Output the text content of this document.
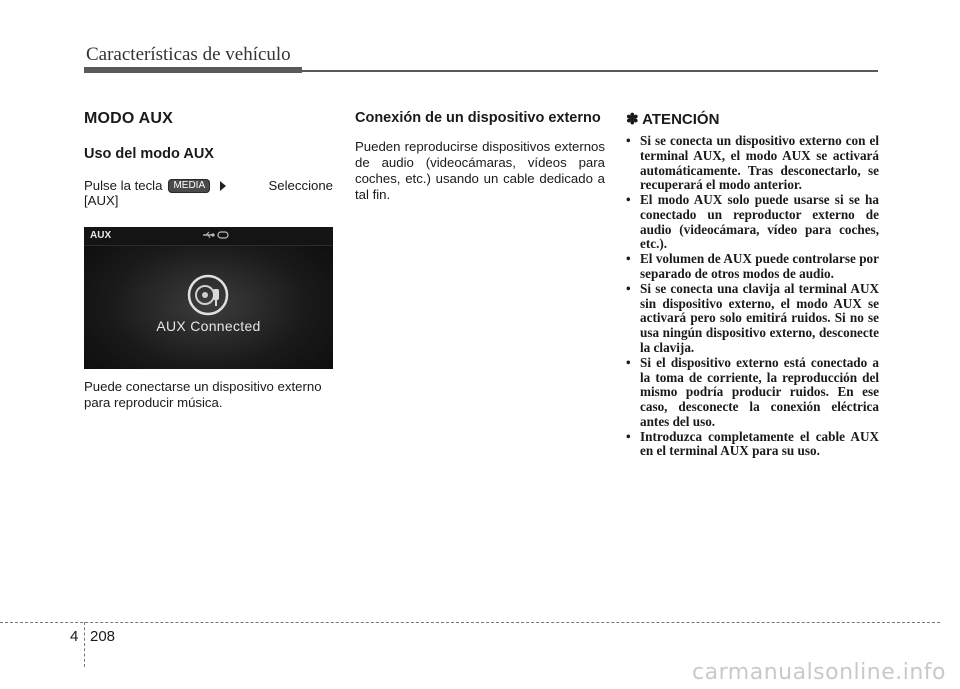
Características de vehículo
MODO AUX
Uso del modo AUX
Pulse la tecla	MEDIA	Seleccione
[AUX]
AUX
AUX Connected
Puede conectarse un dispositivo externo para reproducir música.
Conexión de un dispositivo externo
Pueden reproducirse dispositivos externos de audio (videocámaras, vídeos para coches, etc.) usando un cable dedicado a tal fin.
✽ ATENCIÓN
• Si se conecta un dispositivo externo con el terminal AUX, el modo AUX se activará automáticamente. Tras desconectarlo, se recuperará el modo anterior.
• El modo AUX solo puede usarse si se ha conectado un reproductor externo de audio (videocámara, vídeo para coches, etc.).
• El volumen de AUX puede controlarse por separado de otros modos de audio.
• Si se conecta una clavija al terminal AUX sin dispositivo externo, el modo AUX se activará pero solo emitirá ruidos. Si no se usa ningún dispositivo externo, desconecte la clavija.
• Si el dispositivo externo está conectado a la toma de corriente, la reproducción del mismo podría producir ruidos. En ese caso, desconecte la conexión eléctrica antes del uso.
• Introduzca completamente el cable AUX en el terminal AUX para su uso.
4 208
carmanualsonline.info
